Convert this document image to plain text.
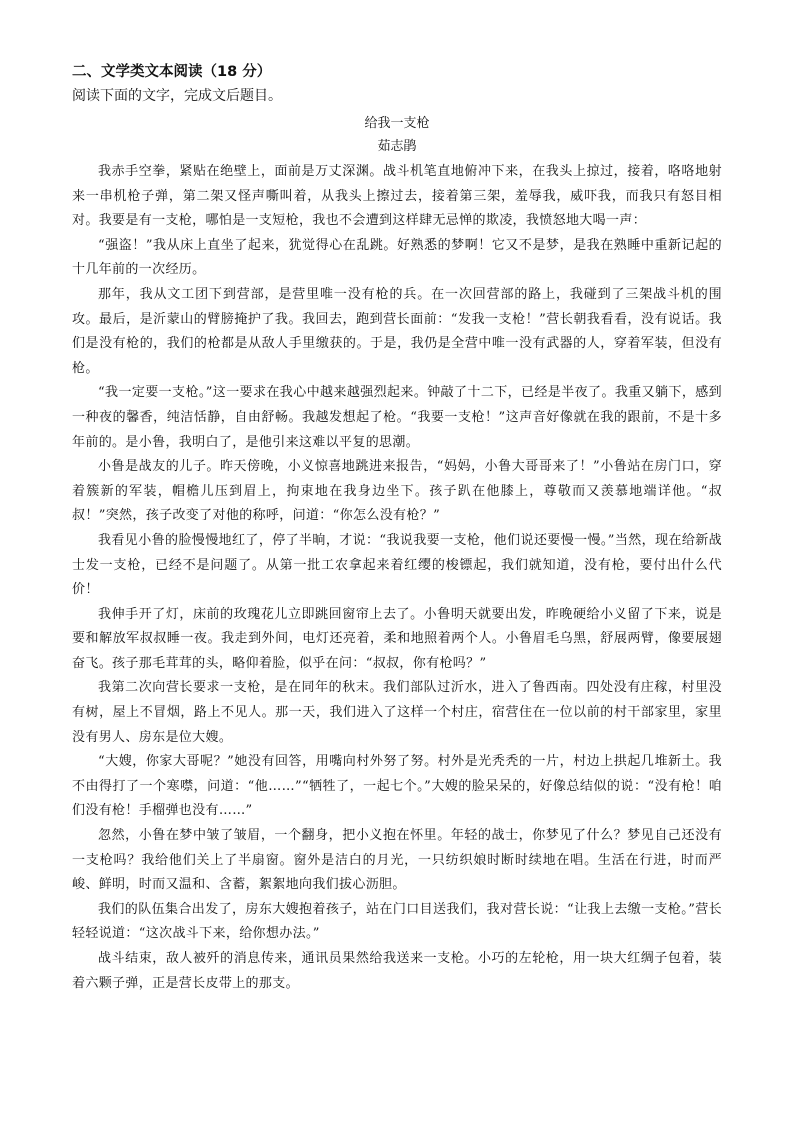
二、文学类文本阅读（18 分）

阅读下面的文字，完成文后题目。

给我一支枪

茹志鹃

我赤手空拳，紧贴在绝壁上，面前是万丈深渊。战斗机笔直地俯冲下来，在我头上掠过，接着，咯咯地射来一串机枪子弹，第二架又怪声嘶叫着，从我头上擦过去，接着第三架，羞辱我，威吓我，而我只有怒目相对。我要是有一支枪，哪怕是一支短枪，我也不会遭到这样肆无忌惮的欺凌，我愤怒地大喝一声：

“强盗！”我从床上直坐了起来，犹觉得心在乱跳。好熟悉的梦啊！它又不是梦，是我在熟睡中重新记起的十几年前的一次经历。

那年，我从文工团下到营部，是营里唯一没有枪的兵。在一次回营部的路上，我碰到了三架战斗机的围攻。最后，是沂蒙山的臂膀掩护了我。我回去，跑到营长面前：“发我一支枪！”营长朝我看看，没有说话。我们是没有枪的，我们的枪都是从敌人手里缴获的。于是，我仍是全营中唯一没有武器的人，穿着军装，但没有枪。

“我一定要一支枪。”这一要求在我心中越来越强烈起来。钟敲了十二下，已经是半夜了。我重又躺下，感到一种夜的馨香，纯洁恬静，自由舒畅。我越发想起了枪。“我要一支枪！”这声音好像就在我的跟前，不是十多年前的。是小鲁，我明白了，是他引来这难以平复的思潮。

小鲁是战友的儿子。昨天傍晚，小义惊喜地跳进来报告，“妈妈，小鲁大哥哥来了！”小鲁站在房门口，穿着簇新的军装，帽檐儿压到眉上，拘束地在我身边坐下。孩子趴在他膝上，尊敬而又羡慕地端详他。“叔叔！”突然，孩子改变了对他的称呼，问道：“你怎么没有枪？”

我看见小鲁的脸慢慢地红了，停了半晌，才说：“我说我要一支枪，他们说还要慢一慢。”当然，现在给新战士发一支枪，已经不是问题了。从第一批工农拿起来着红缨的梭镖起，我们就知道，没有枪，要付出什么代价！

我伸手开了灯，床前的玫瑰花儿立即跳回窗帘上去了。小鲁明天就要出发，昨晚硬给小义留了下来，说是要和解放军叔叔睡一夜。我走到外间，电灯还亮着，柔和地照着两个人。小鲁眉毛乌黑，舒展两臂，像要展翅奋飞。孩子那毛茸茸的头，略仰着脸，似乎在问：“叔叔，你有枪吗？”

我第二次向营长要求一支枪，是在同年的秋末。我们部队过沂水，进入了鲁西南。四处没有庄稼，村里没有树，屋上不冒烟，路上不见人。那一天，我们进入了这样一个村庄，宿营住在一位以前的村干部家里，家里没有男人、房东是位大嫂。

“大嫂，你家大哥呢？”她没有回答，用嘴向村外努了努。村外是光秃秃的一片，村边上拱起几堆新土。我不由得打了一个寒噤，问道：“他……”“牺牲了，一起七个。”大嫂的脸呆呆的，好像总结似的说：“没有枪！咱们没有枪！手榴弹也没有……”

忽然，小鲁在梦中皱了皱眉，一个翻身，把小义抱在怀里。年轻的战士，你梦见了什么？梦见自己还没有一支枪吗？我给他们关上了半扇窗。窗外是洁白的月光，一只纺织娘时断时续地在唱。生活在行进，时而严峻、鲜明，时而又温和、含蓄，絮絮地向我们拔心沥胆。

我们的队伍集合出发了，房东大嫂抱着孩子，站在门口目送我们，我对营长说：“让我上去缴一支枪。”营长轻轻说道：“这次战斗下来，给你想办法。”

战斗结束，敌人被歼的消息传来，通讯员果然给我送来一支枪。小巧的左轮枪，用一块大红绸子包着，装着六颗子弹，正是营长皮带上的那支。
